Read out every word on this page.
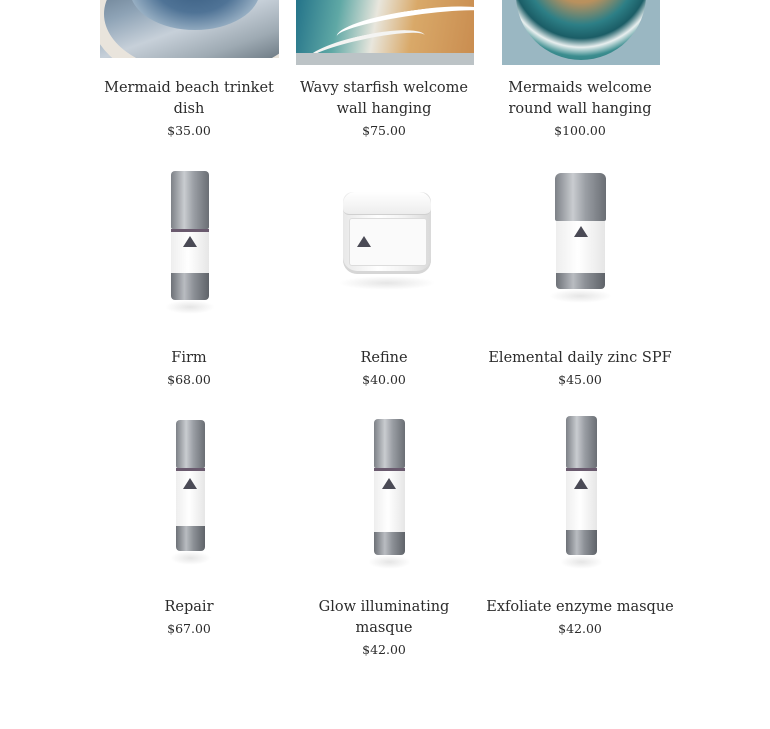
Mermaid beach trinket dish
$35.00
Wavy starfish welcome wall hanging
$75.00
Mermaids welcome round wall hanging
$100.00
Firm
$68.00
Refine
$40.00
Elemental daily zinc SPF
$45.00
Repair
$67.00
Glow illuminating masque
$42.00
Exfoliate enzyme masque
$42.00
